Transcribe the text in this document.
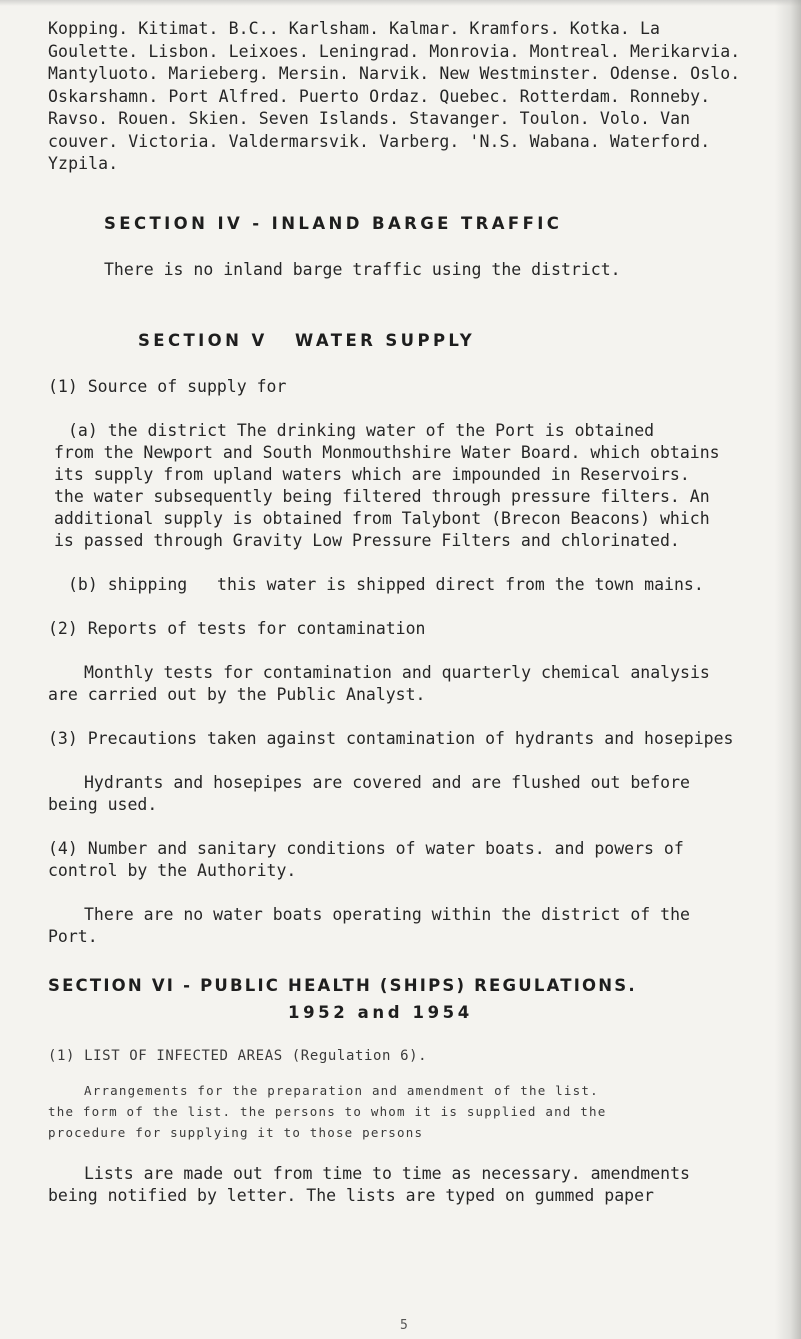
Kopping. Kitimat. B.C.. Karlsham. Kalmar. Kramfors. Kotka. La

Goulette. Lisbon. Leixoes. Leningrad. Monrovia. Montreal. Merikarvia.

Mantyluoto. Marieberg. Mersin. Narvik. New Westminster. Odense. Oslo.

Oskarshamn. Port Alfred. Puerto Ordaz. Quebec. Rotterdam. Ronneby.

Ravso. Rouen. Skien. Seven Islands. Stavanger. Toulon. Volo. Van

couver. Victoria. Valdermarsvik. Varberg. 'N.S. Wabana. Waterford.

Yzpila.

SECTION IV - INLAND BARGE TRAFFIC

There is no inland barge traffic using the district.

SECTION V   WATER SUPPLY

(1) Source of supply for

(a) the district The drinking water of the Port is obtained

from the Newport and South Monmouthshire Water Board. which obtains

its supply from upland waters which are impounded in Reservoirs.

the water subsequently being filtered through pressure filters. An

additional supply is obtained from Talybont (Brecon Beacons) which

is passed through Gravity Low Pressure Filters and chlorinated.

(b) shipping   this water is shipped direct from the town mains.

(2) Reports of tests for contamination

Monthly tests for contamination and quarterly chemical analysis

are carried out by the Public Analyst.

(3) Precautions taken against contamination of hydrants and hosepipes

Hydrants and hosepipes are covered and are flushed out before

being used.

(4) Number and sanitary conditions of water boats. and powers of

control by the Authority.

There are no water boats operating within the district of the

Port.

SECTION VI - PUBLIC HEALTH (SHIPS) REGULATIONS.

1952 and 1954

(1) LIST OF INFECTED AREAS (Regulation 6).

Arrangements for the preparation and amendment of the list.

the form of the list. the persons to whom it is supplied and the

procedure for supplying it to those persons

Lists are made out from time to time as necessary. amendments

being notified by letter. The lists are typed on gummed paper

5
